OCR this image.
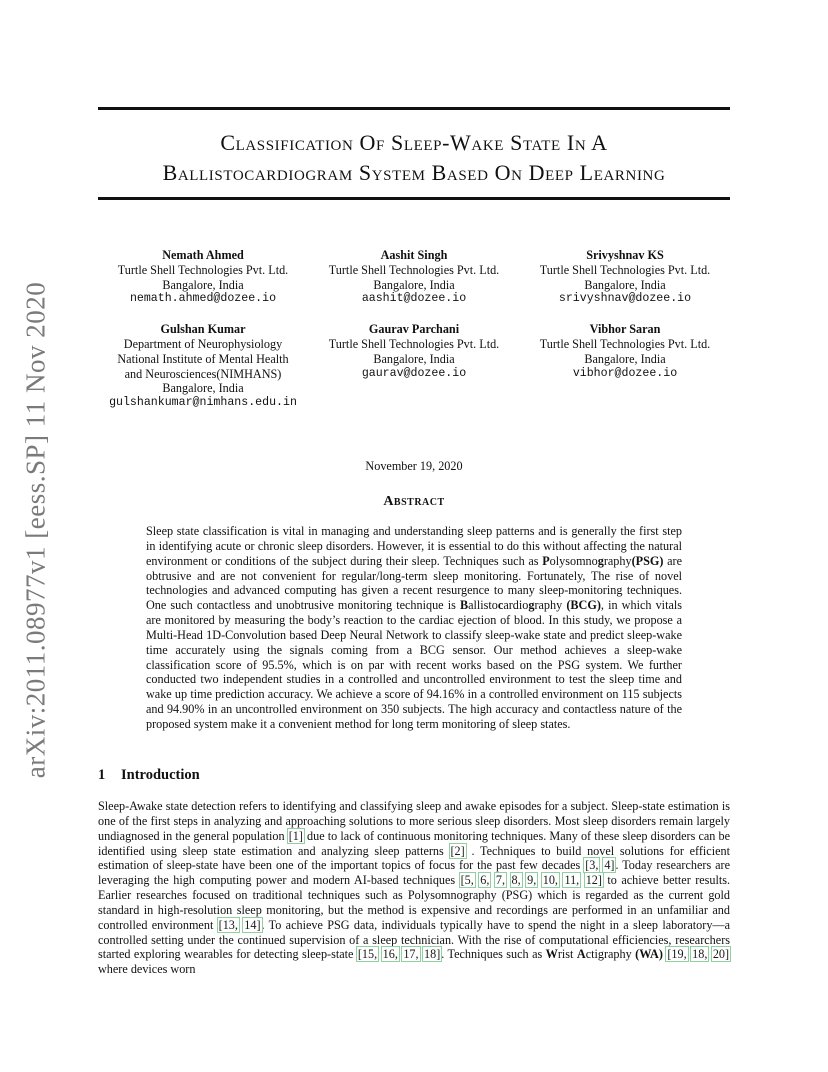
arXiv:2011.08977v1 [eess.SP] 11 Nov 2020
Classification Of Sleep-Wake State In A
Ballistocardiogram System Based On Deep Learning
Nemath Ahmed
Turtle Shell Technologies Pvt. Ltd.
Bangalore, India
nemath.ahmed@dozee.io
Aashit Singh
Turtle Shell Technologies Pvt. Ltd.
Bangalore, India
aashit@dozee.io
Srivyshnav KS
Turtle Shell Technologies Pvt. Ltd.
Bangalore, India
srivyshnav@dozee.io
Gulshan Kumar
Department of Neurophysiology
National Institute of Mental Health
and Neurosciences(NIMHANS)
Bangalore, India
gulshankumar@nimhans.edu.in
Gaurav Parchani
Turtle Shell Technologies Pvt. Ltd.
Bangalore, India
gaurav@dozee.io
Vibhor Saran
Turtle Shell Technologies Pvt. Ltd.
Bangalore, India
vibhor@dozee.io
November 19, 2020
Abstract
Sleep state classification is vital in managing and understanding sleep patterns and is generally the first step in identifying acute or chronic sleep disorders. However, it is essential to do this without affecting the natural environment or conditions of the subject during their sleep. Techniques such as Polysomnography(PSG) are obtrusive and are not convenient for regular/long-term sleep monitoring. Fortunately, The rise of novel technologies and advanced computing has given a recent resurgence to many sleep-monitoring techniques. One such contactless and unobtrusive monitoring technique is Ballistocardiography (BCG), in which vitals are monitored by measuring the body’s reaction to the cardiac ejection of blood. In this study, we propose a Multi-Head 1D-Convolution based Deep Neural Network to classify sleep-wake state and predict sleep-wake time accurately using the signals coming from a BCG sensor. Our method achieves a sleep-wake classification score of 95.5%, which is on par with recent works based on the PSG system. We further conducted two independent studies in a controlled and uncontrolled environment to test the sleep time and wake up time prediction accuracy. We achieve a score of 94.16% in a controlled environment on 115 subjects and 94.90% in an uncontrolled environment on 350 subjects. The high accuracy and contactless nature of the proposed system make it a convenient method for long term monitoring of sleep states.
1 Introduction
Sleep-Awake state detection refers to identifying and classifying sleep and awake episodes for a subject. Sleep-state estimation is one of the first steps in analyzing and approaching solutions to more serious sleep disorders. Most sleep disorders remain largely undiagnosed in the general population [1] due to lack of continuous monitoring techniques. Many of these sleep disorders can be identified using sleep state estimation and analyzing sleep patterns [2] . Techniques to build novel solutions for efficient estimation of sleep-state have been one of the important topics of focus for the past few decades [3, 4]. Today researchers are leveraging the high computing power and modern AI-based techniques [5, 6, 7, 8, 9, 10, 11, 12] to achieve better results. Earlier researches focused on traditional techniques such as Polysomnography (PSG) which is regarded as the current gold standard in high-resolution sleep monitoring, but the method is expensive and recordings are performed in an unfamiliar and controlled environment [13, 14]. To achieve PSG data, individuals typically have to spend the night in a sleep laboratory—a controlled setting under the continued supervision of a sleep technician. With the rise of computational efficiencies, researchers started exploring wearables for detecting sleep-state [15, 16, 17, 18]. Techniques such as Wrist Actigraphy (WA) [19, 18, 20] where devices worn
